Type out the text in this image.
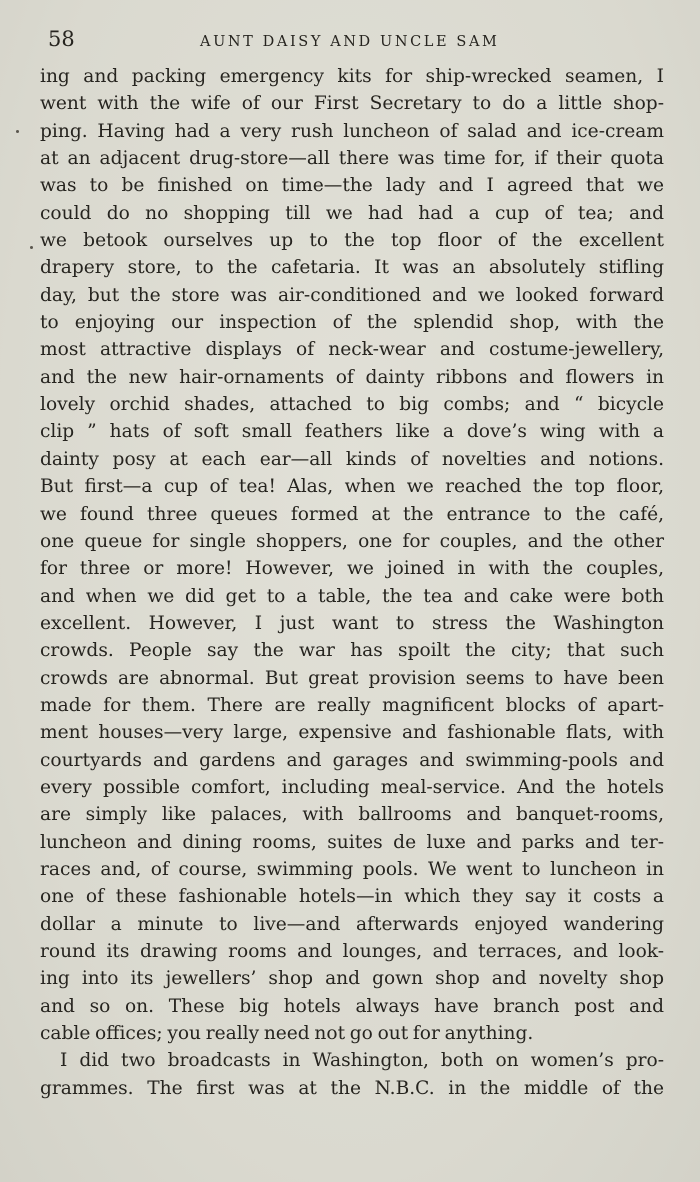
58	AUNT DAISY AND UNCLE SAM
ing and packing emergency kits for ship-wrecked seamen, I
went with the wife of our First Secretary to do a little shop-
ping. Having had a very rush luncheon of salad and ice-cream
at an adjacent drug-store—all there was time for, if their quota
was to be finished on time—the lady and I agreed that we
could do no shopping till we had had a cup of tea; and
we betook ourselves up to the top floor of the excellent
drapery store, to the cafetaria. It was an absolutely stifling
day, but the store was air-conditioned and we looked forward
to enjoying our inspection of the splendid shop, with the
most attractive displays of neck-wear and costume-jewellery,
and the new hair-ornaments of dainty ribbons and flowers in
lovely orchid shades, attached to big combs; and “ bicycle
clip ” hats of soft small feathers like a dove’s wing with a
dainty posy at each ear—all kinds of novelties and notions.
But first—a cup of tea! Alas, when we reached the top floor,
we found three queues formed at the entrance to the café,
one queue for single shoppers, one for couples, and the other
for three or more! However, we joined in with the couples,
and when we did get to a table, the tea and cake were both
excellent. However, I just want to stress the Washington
crowds. People say the war has spoilt the city; that such
crowds are abnormal. But great provision seems to have been
made for them. There are really magnificent blocks of apart-
ment houses—very large, expensive and fashionable flats, with
courtyards and gardens and garages and swimming-pools and
every possible comfort, including meal-service. And the hotels
are simply like palaces, with ballrooms and banquet-rooms,
luncheon and dining rooms, suites de luxe and parks and ter-
races and, of course, swimming pools. We went to luncheon in
one of these fashionable hotels—in which they say it costs a
dollar a minute to live—and afterwards enjoyed wandering
round its drawing rooms and lounges, and terraces, and look-
ing into its jewellers’ shop and gown shop and novelty shop
and so on. These big hotels always have branch post and
cable offices; you really need not go out for anything.
I did two broadcasts in Washington, both on women’s pro-
grammes. The first was at the N.B.C. in the middle of the
